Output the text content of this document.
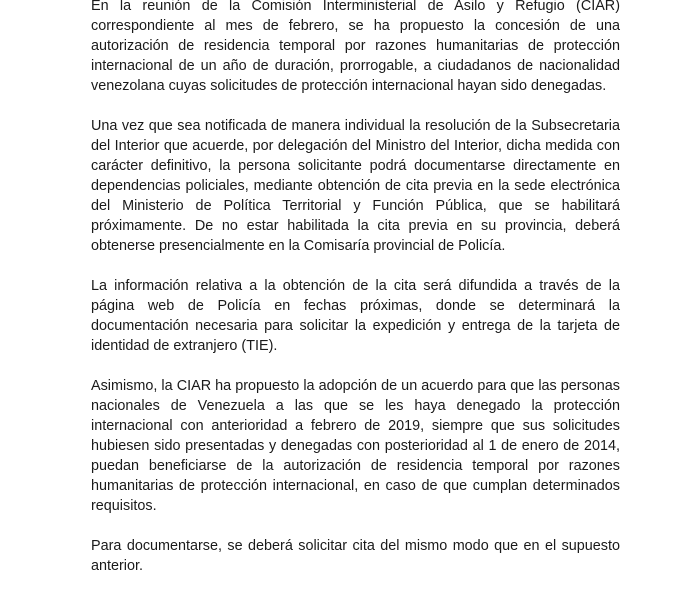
En la reunión de la Comisión Interministerial de Asilo y Refugio (CIAR) correspondiente al mes de febrero, se ha propuesto la concesión de una autorización de residencia temporal por razones humanitarias de protección internacional de un año de duración, prorrogable, a ciudadanos de nacionalidad venezolana cuyas solicitudes de protección internacional hayan sido denegadas.

Una vez que sea notificada de manera individual la resolución de la Subsecretaria del Interior que acuerde, por delegación del Ministro del Interior, dicha medida con carácter definitivo, la persona solicitante podrá documentarse directamente en dependencias policiales, mediante obtención de cita previa en la sede electrónica del Ministerio de Política Territorial y Función Pública, que se habilitará próximamente. De no estar habilitada la cita previa en su provincia, deberá obtenerse presencialmente en la Comisaría provincial de Policía.

La información relativa a la obtención de la cita será difundida a través de la página web de Policía en fechas próximas, donde se determinará la documentación necesaria para solicitar la expedición y entrega de la tarjeta de identidad de extranjero (TIE).

Asimismo, la CIAR ha propuesto la adopción de un acuerdo para que las personas nacionales de Venezuela a las que se les haya denegado la protección internacional con anterioridad a febrero de 2019, siempre que sus solicitudes hubiesen sido presentadas y denegadas con posterioridad al 1 de enero de 2014, puedan beneficiarse de la autorización de residencia temporal por razones humanitarias de protección internacional, en caso de que cumplan determinados requisitos.

Para documentarse, se deberá solicitar cita del mismo modo que en el supuesto anterior.
